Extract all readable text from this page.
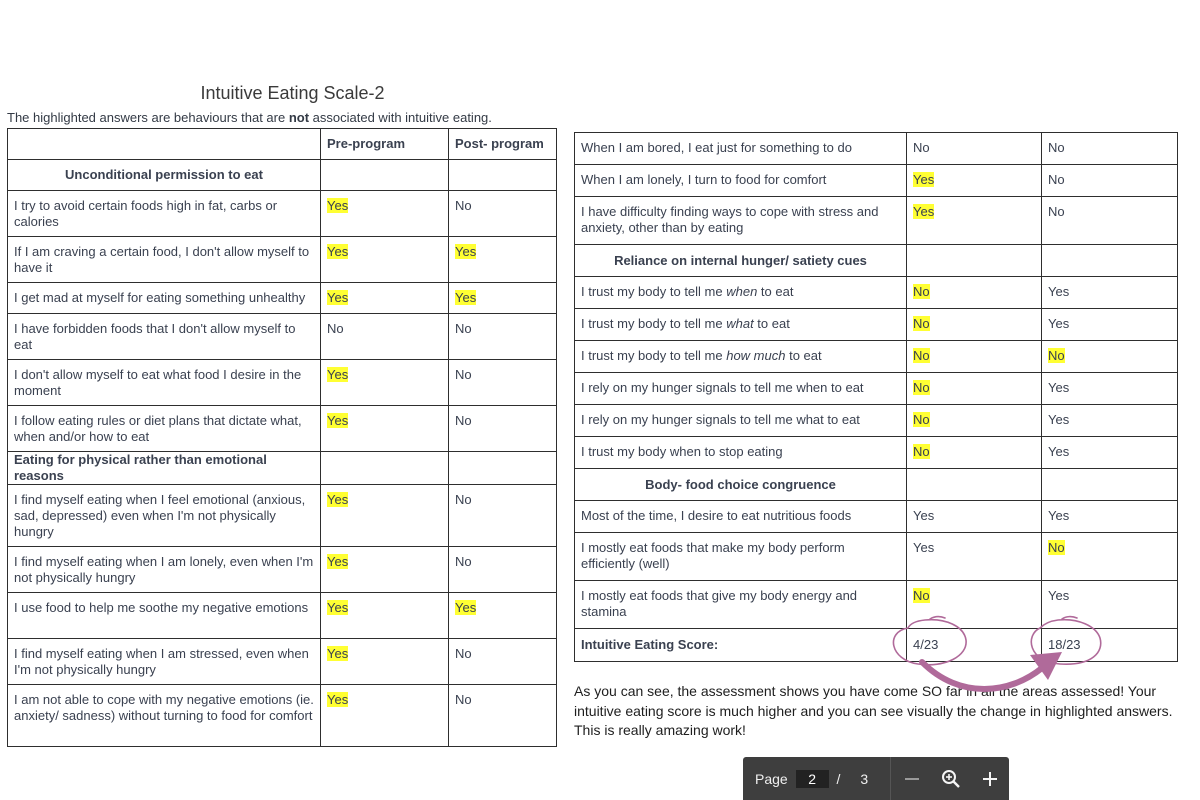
Intuitive Eating Scale-2
The highlighted answers are behaviours that are not associated with intuitive eating.
	Pre-program	Post- program
Unconditional permission to eat		

I try to avoid certain foods high in fat, carbs or calories	Yes	No

If I am craving a certain food, I don't allow myself to have it	Yes	Yes

I get mad at myself for eating something unhealthy	Yes	Yes

I have forbidden foods that I don't allow myself to eat	No	No

I don't allow myself to eat what food I desire in the moment	Yes	No

I follow eating rules or diet plans that dictate what, when and/or how to eat	Yes	No

Eating for physical rather than emotional reasons		

I find myself eating when I feel emotional (anxious, sad, depressed) even when I'm not physically hungry	Yes	No

I find myself eating when I am lonely, even when I'm not physically hungry	Yes	No

I use food to help me soothe my negative emotions	Yes	Yes

I find myself eating when I am stressed, even when I'm not physically hungry	Yes	No

I am not able to cope with my negative emotions (ie. anxiety/ sadness) without turning to food for comfort	Yes	No
When I am bored, I eat just for something to do	No	No

When I am lonely, I turn to food for comfort	Yes	No

I have difficulty finding ways to cope with stress and anxiety, other than by eating	Yes	No

Reliance on internal hunger/ satiety cues		

I trust my body to tell me when to eat	No	Yes

I trust my body to tell me what to eat	No	Yes

I trust my body to tell me how much to eat	No	No

I rely on my hunger signals to tell me when to eat	No	Yes

I rely on my hunger signals to tell me what to eat	No	Yes

I trust my body when to stop eating	No	Yes

Body- food choice congruence		

Most of the time, I desire to eat nutritious foods	Yes	Yes

I mostly eat foods that make my body perform efficiently (well)	Yes	No

I mostly eat foods that give my body energy and stamina	No	Yes

Intuitive Eating Score:	4/23	18/23
As you can see, the assessment shows you have come SO far in all the areas assessed! Your intuitive eating score is much higher and you can see visually the change in highlighted answers. This is really amazing work!
Page	2	/ 3
